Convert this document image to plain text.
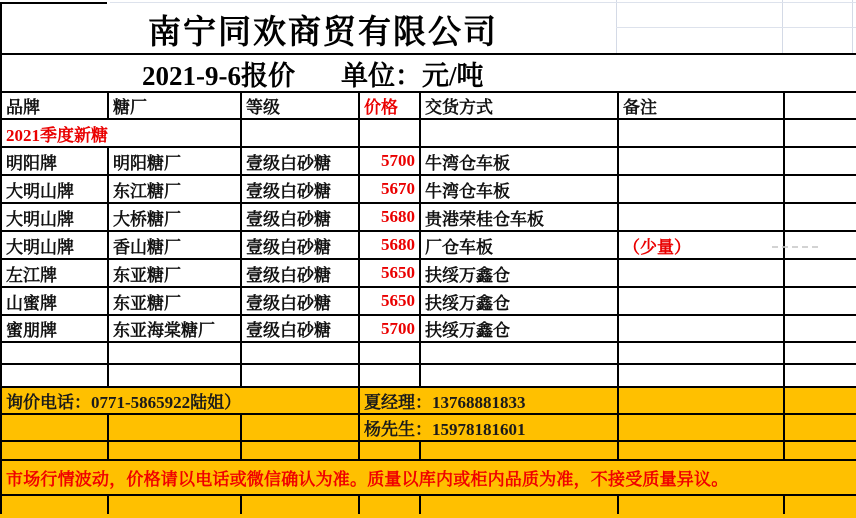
南宁同欢商贸有限公司
2021-9-6报价 单位：元/吨
品牌	糖厂	等级	价格	交货方式	备注	
2021季度新糖						
明阳牌	明阳糖厂	壹级白砂糖	5700	牛湾仓车板		
大明山牌	东江糖厂	壹级白砂糖	5670	牛湾仓车板		
大明山牌	大桥糖厂	壹级白砂糖	5680	贵港荣桂仓车板		
大明山牌	香山糖厂	壹级白砂糖	5680	厂仓车板	（少量）	
左江牌	东亚糖厂	壹级白砂糖	5650	扶绥万鑫仓		
山蜜牌	东亚糖厂	壹级白砂糖	5650	扶绥万鑫仓		
蜜朋牌	东亚海棠糖厂	壹级白砂糖	5700	扶绥万鑫仓		

询价电话：0771-5865922陆姐）			夏经理：13768881833			
			杨先生：15978181601			

市场行情波动，价格请以电话或微信确认为准。质量以库内或柜内品质为准，不接受质量异议。						
